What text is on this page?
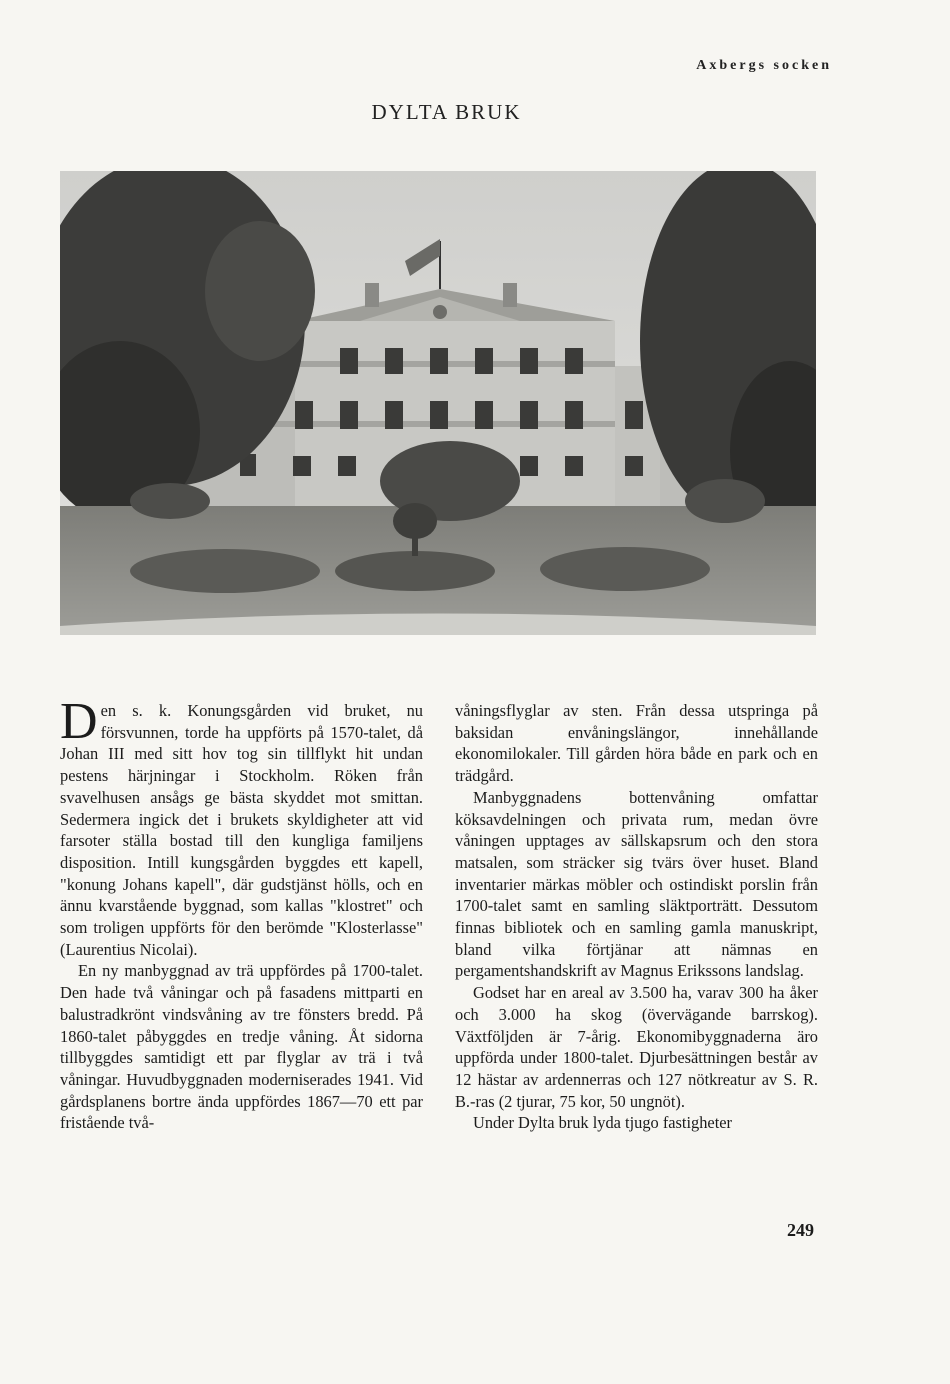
Axbergs socken
DYLTA BRUK

Den s. k. Konungsgården vid bruket, nu försvunnen, torde ha uppförts på 1570-talet, då Johan III med sitt hov tog sin tillflykt hit undan pestens härjningar i Stockholm. Röken från svavelhusen ansågs ge bästa skyddet mot smittan. Sedermera ingick det i brukets skyldigheter att vid farsoter ställa bostad till den kungliga familjens disposition. Intill kungsgården byggdes ett kapell, "konung Johans kapell", där gudstjänst hölls, och en ännu kvarstående byggnad, som kallas "klostret" och som troligen uppförts för den berömde "Klosterlasse" (Laurentius Nicolai).

En ny manbyggnad av trä uppfördes på 1700-talet. Den hade två våningar och på fasadens mittparti en balustradkrönt vindsvåning av tre fönsters bredd. På 1860-talet påbyggdes en tredje våning. Åt sidorna tillbyggdes samtidigt ett par flyglar av trä i två våningar. Huvudbyggnaden moderniserades 1941. Vid gårdsplanens bortre ända uppfördes 1867—70 ett par fristående två-

våningsflyglar av sten. Från dessa utspringa på baksidan envåningslängor, innehållande ekonomilokaler. Till gården höra både en park och en trädgård.

Manbyggnadens bottenvåning omfattar köksavdelningen och privata rum, medan övre våningen upptages av sällskapsrum och den stora matsalen, som sträcker sig tvärs över huset. Bland inventarier märkas möbler och ostindiskt porslin från 1700-talet samt en samling släktporträtt. Dessutom finnas bibliotek och en samling gamla manuskript, bland vilka förtjänar att nämnas en pergamentshandskrift av Magnus Erikssons landslag.

Godset har en areal av 3.500 ha, varav 300 ha åker och 3.000 ha skog (övervägande barrskog). Växtföljden är 7-årig. Ekonomibyggnaderna äro uppförda under 1800-talet. Djurbesättningen består av 12 hästar av ardennerras och 127 nötkreatur av S. R. B.-ras (2 tjurar, 75 kor, 50 ungnöt).

Under Dylta bruk lyda tjugo fastigheter

249
